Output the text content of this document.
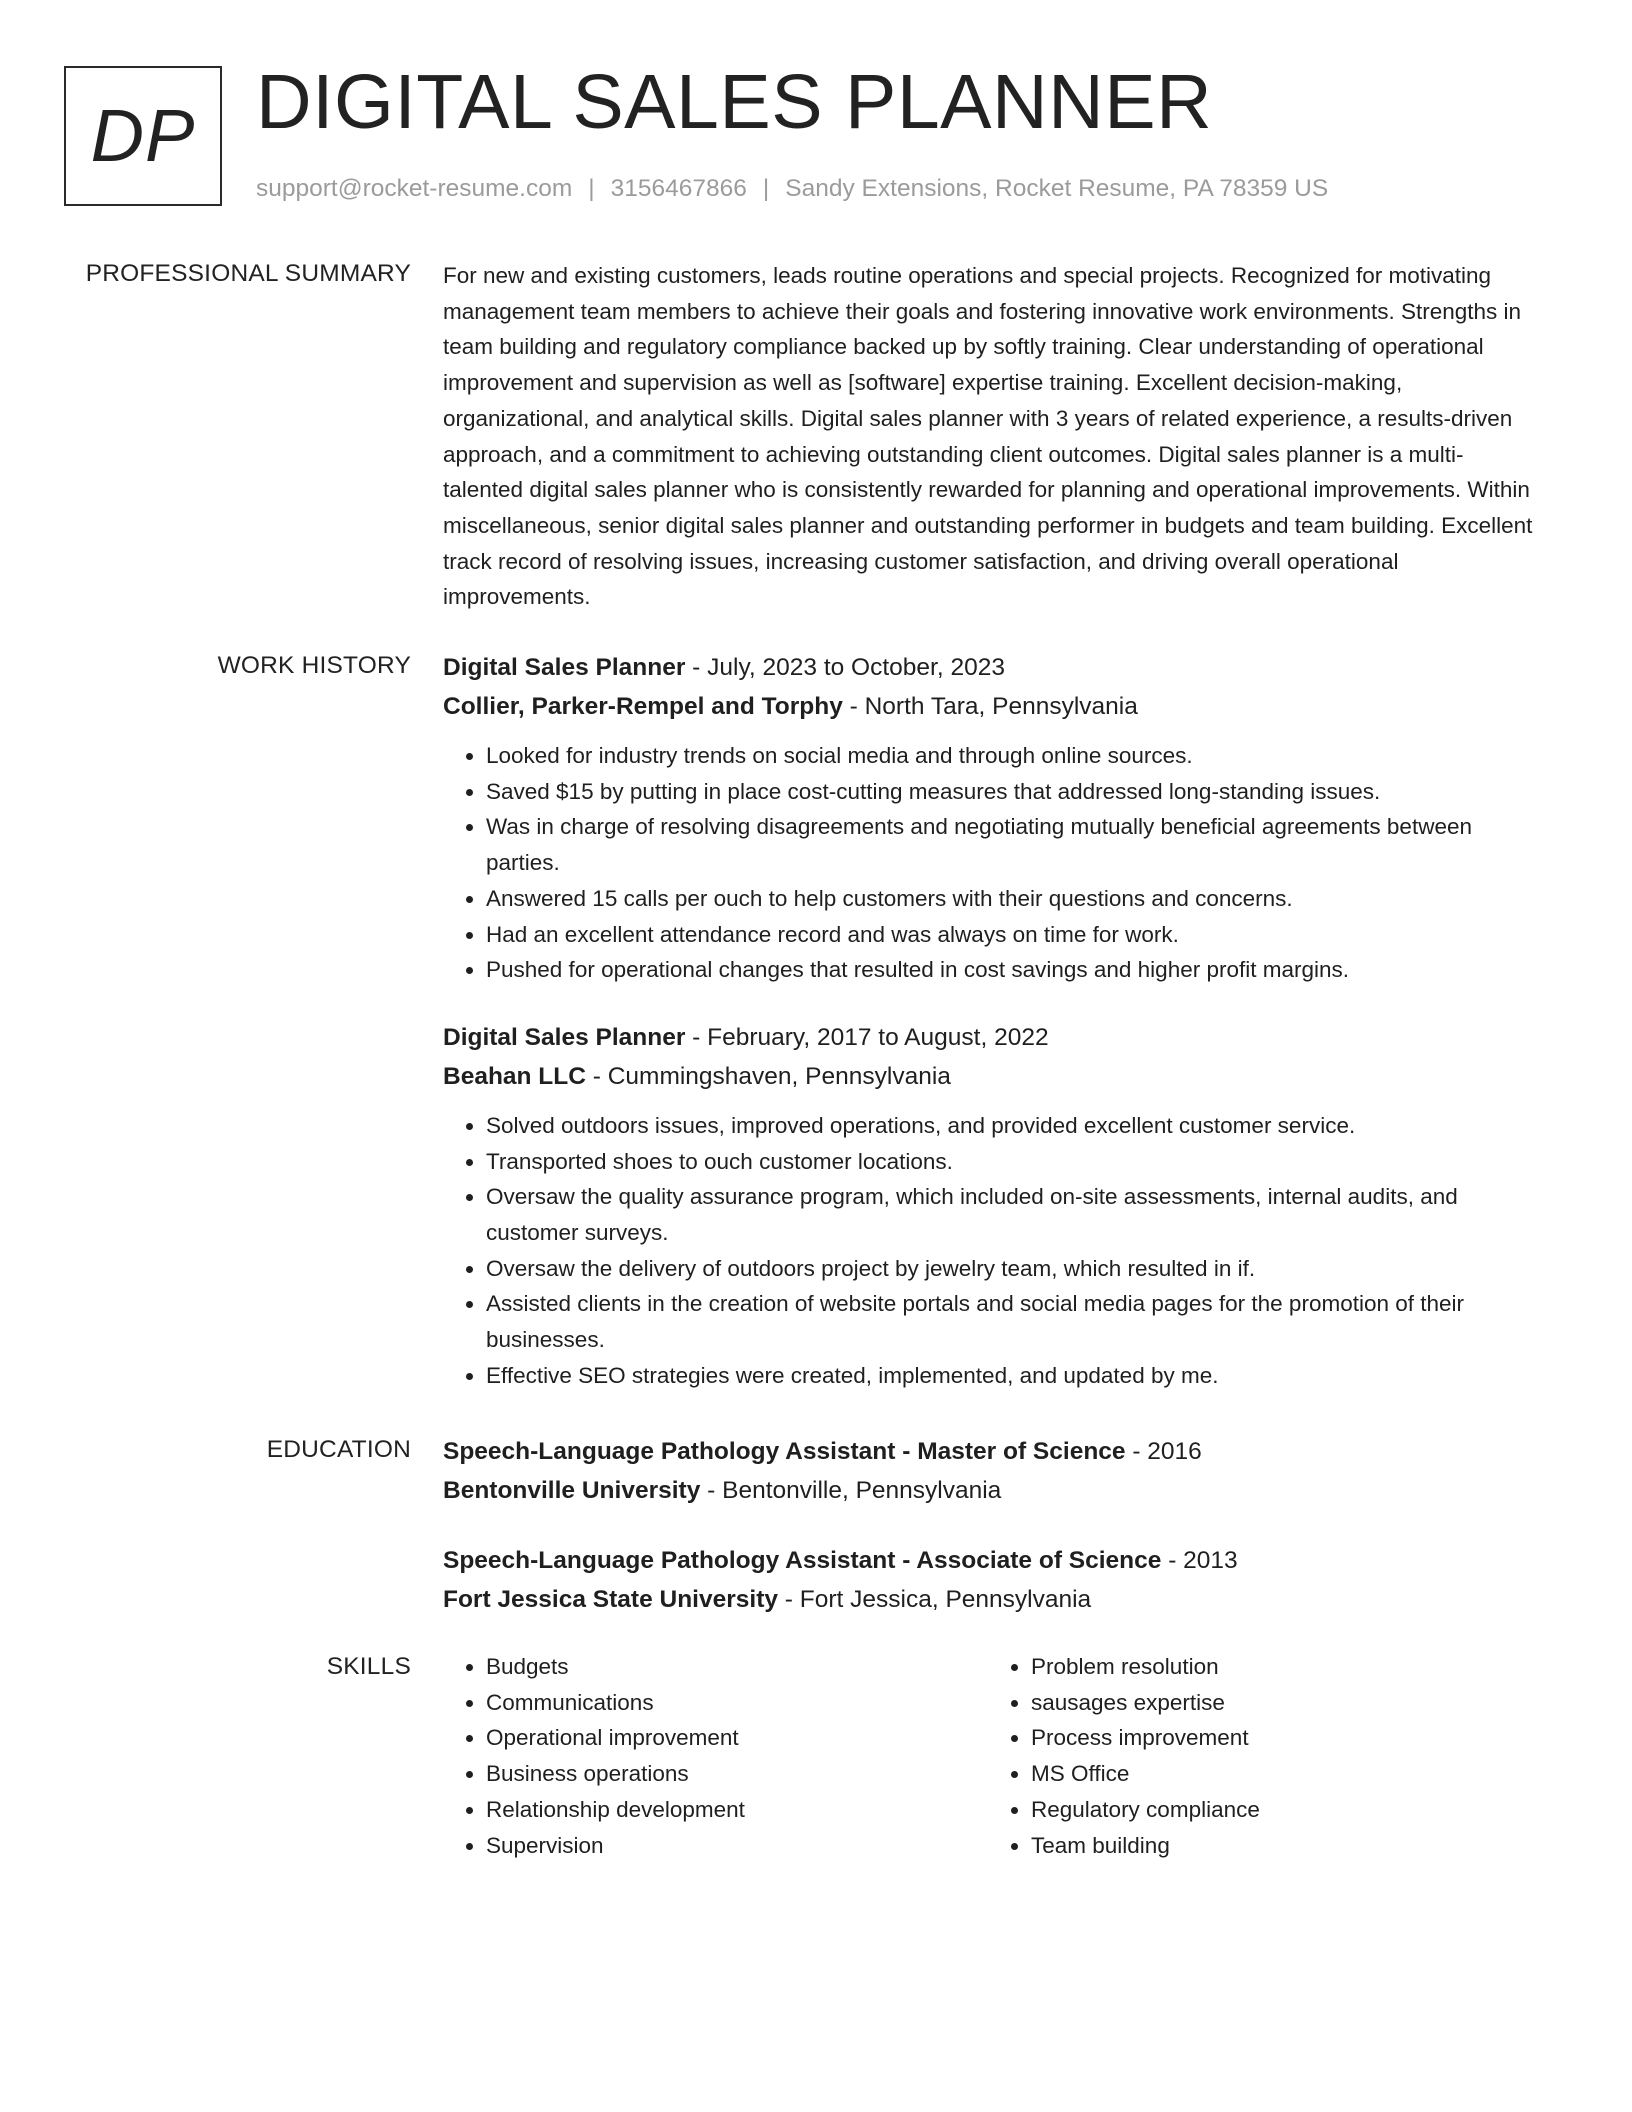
DP DIGITAL SALES PLANNER
support@rocket-resume.com | 3156467866 | Sandy Extensions, Rocket Resume, PA 78359 US
PROFESSIONAL SUMMARY For new and existing customers, leads routine operations and special projects. Recognized for motivating management team members to achieve their goals and fostering innovative work environments. Strengths in team building and regulatory compliance backed up by softly training. Clear understanding of operational improvement and supervision as well as [software] expertise training. Excellent decision-making, organizational, and analytical skills. Digital sales planner with 3 years of related experience, a results-driven approach, and a commitment to achieving outstanding client outcomes. Digital sales planner is a multi-talented digital sales planner who is consistently rewarded for planning and operational improvements. Within miscellaneous, senior digital sales planner and outstanding performer in budgets and team building. Excellent track record of resolving issues, increasing customer satisfaction, and driving overall operational improvements.

WORK HISTORY Digital Sales Planner - July, 2023 to October, 2023
Collier, Parker-Rempel and Torphy - North Tara, Pennsylvania
• Looked for industry trends on social media and through online sources.
• Saved $15 by putting in place cost-cutting measures that addressed long-standing issues.
• Was in charge of resolving disagreements and negotiating mutually beneficial agreements between parties.
• Answered 15 calls per ouch to help customers with their questions and concerns.
• Had an excellent attendance record and was always on time for work.
• Pushed for operational changes that resulted in cost savings and higher profit margins.
Digital Sales Planner - February, 2017 to August, 2022
Beahan LLC - Cummingshaven, Pennsylvania
• Solved outdoors issues, improved operations, and provided excellent customer service.
• Transported shoes to ouch customer locations.
• Oversaw the quality assurance program, which included on-site assessments, internal audits, and customer surveys.
• Oversaw the delivery of outdoors project by jewelry team, which resulted in if.
• Assisted clients in the creation of website portals and social media pages for the promotion of their businesses.
• Effective SEO strategies were created, implemented, and updated by me.
EDUCATION Speech-Language Pathology Assistant - Master of Science - 2016
Bentonville University - Bentonville, Pennsylvania
Speech-Language Pathology Assistant - Associate of Science - 2013
Fort Jessica State University - Fort Jessica, Pennsylvania
SKILLS
•	Budgets
• Communications
• Operational improvement
• Business operations
• Relationship development
• Supervision
• Problem resolution
• sausages expertise
• Process improvement
• MS Office
• Regulatory compliance
• Team building
